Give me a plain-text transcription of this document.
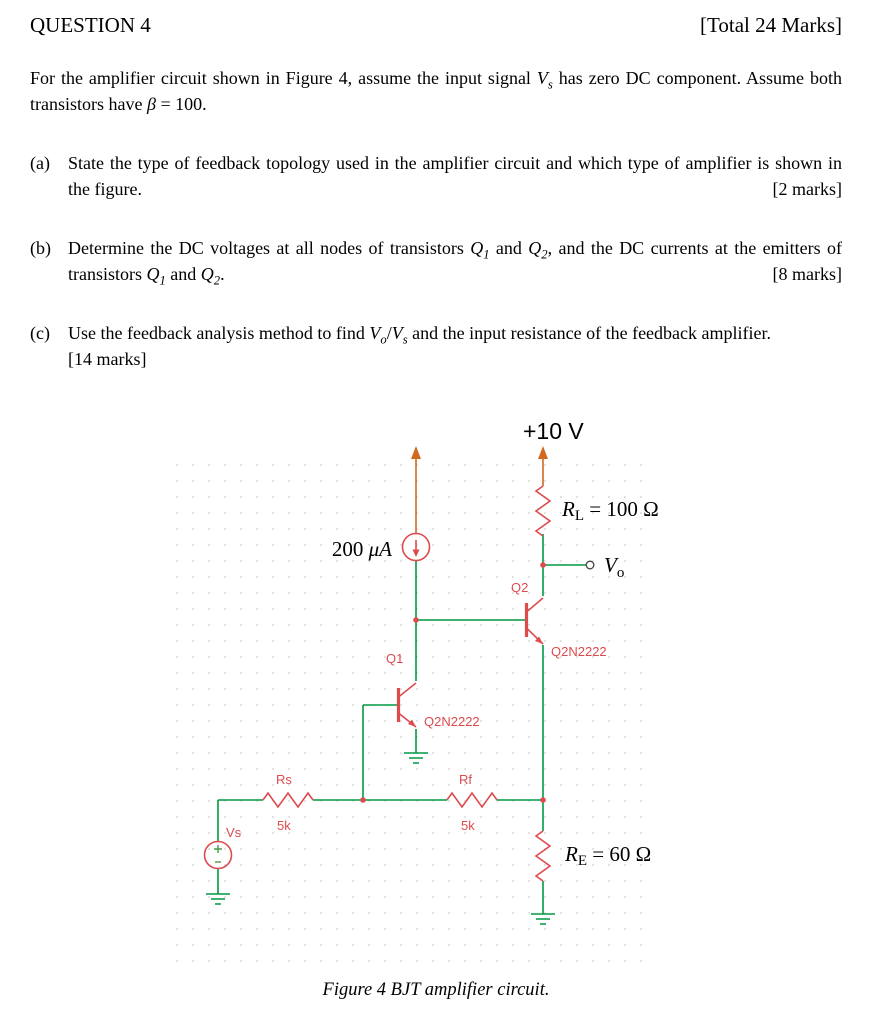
+10 V
200 μA
RL = 100 Ω
$V_o$
RE = 60 Ω
Q2
Q2N2222
Q1
Q2N2222
Rs
5k
Rf
5k
Vs
QUESTION 4	[Total 24 Marks]

For the amplifier circuit shown in Figure 4, assume the input signal $V_s$ has zero DC component. Assume both transistors have β = 100.

(a)	State the type of feedback topology used in the amplifier circuit and which type of amplifier is shown in the figure.	[2 marks]
(b) Determine the DC voltages at all nodes of transistors $Q_1$ and $Q_2$, and the DC currents at the emitters of transistors $Q_1$ and $Q_2$.	[8 marks]
(c)	Use the feedback analysis method to find $V_o/V_s$ and the input resistance of the feedback amplifier.
[14 marks]
Figure 4 BJT amplifier circuit.
